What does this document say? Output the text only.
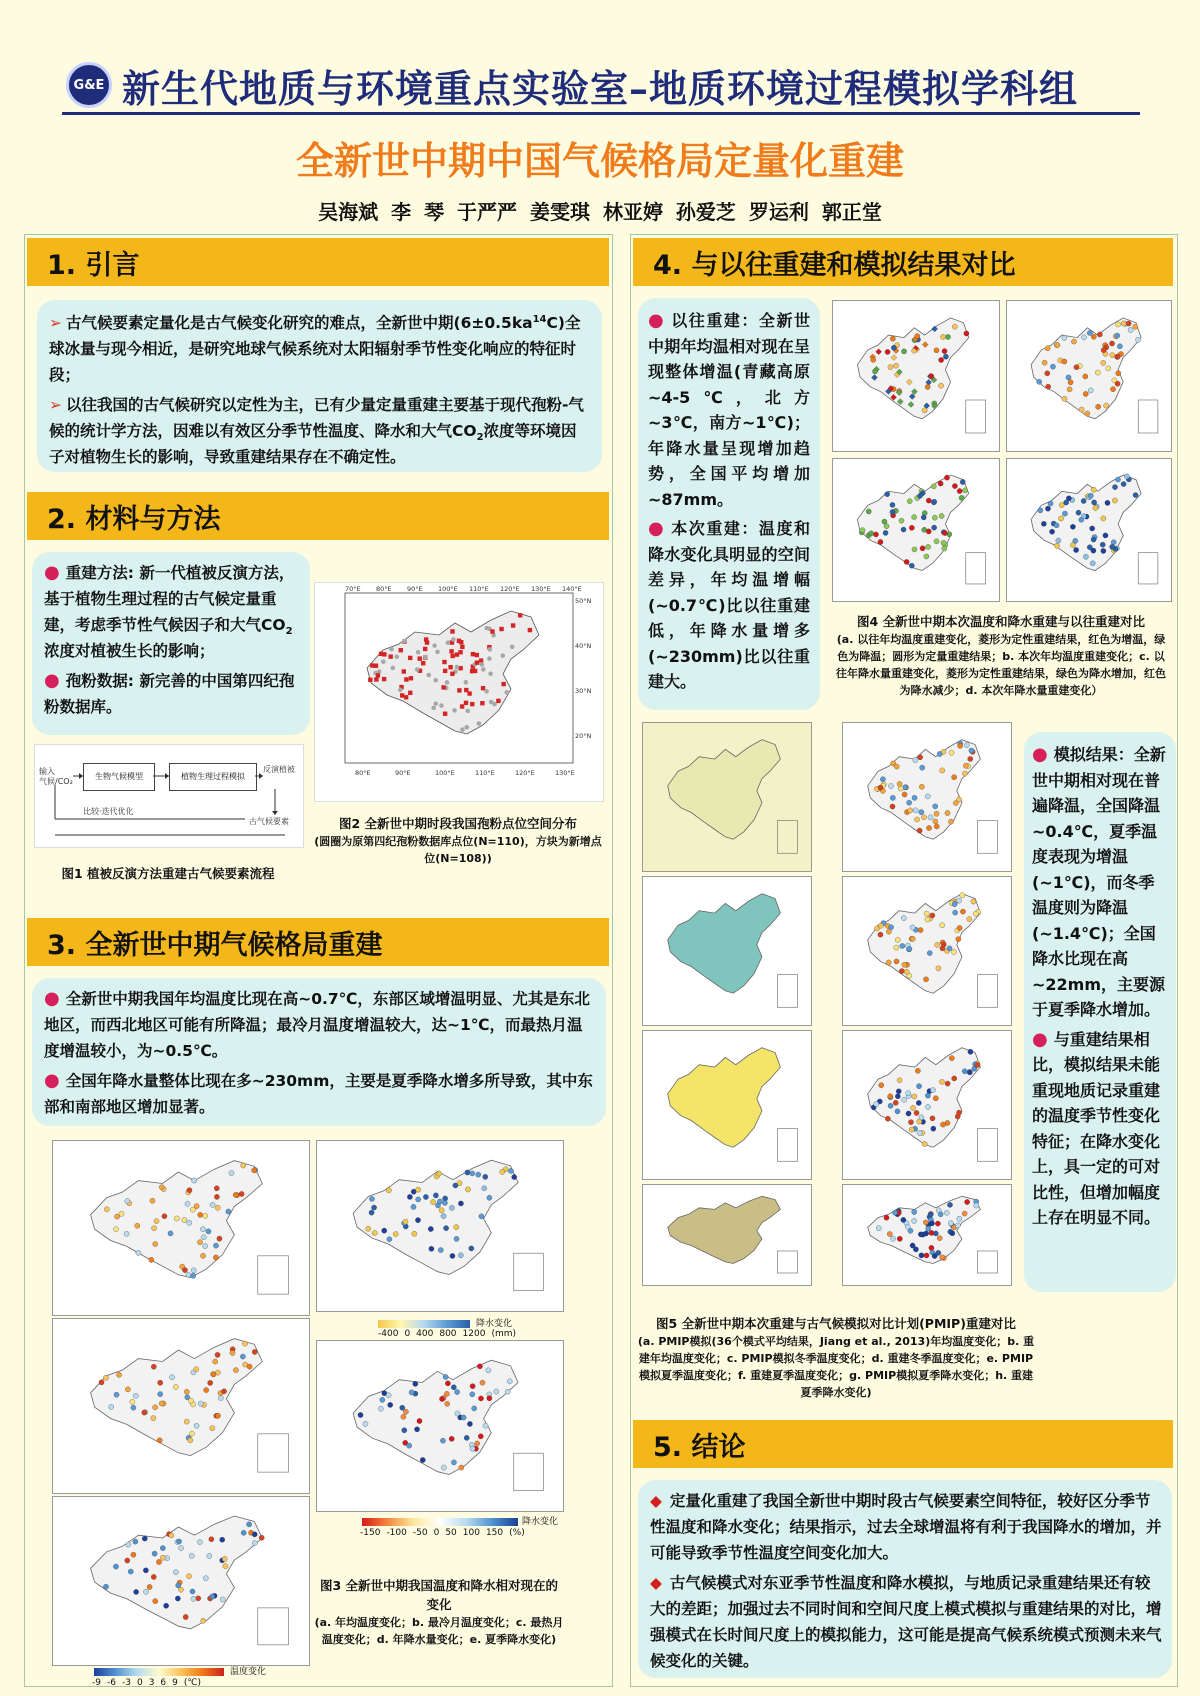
G&E 新生代地质与环境重点实验室–地质环境过程模拟学科组
全新世中期中国气候格局定量化重建
吴海斌 李 琴 于严严 姜雯琪 林亚婷 孙爱芝 罗运利 郭正堂
1. 引言

➢ 古气候要素定量化是古气候变化研究的难点，全新世中期$(6\pm 0.5ka^{14}C)$全球冰量与现今相近，是研究地球气候系统对太阳辐射季节性变化响应的特征时段；

➢ 以往我国的古气候研究以定性为主，已有少量定量重建主要基于现代孢粉-气候的统计学方法，因难以有效区分季节性温度、降水和大气$CO_2$浓度等环境因子对植物生长的影响，导致重建结果存在不确定性。

2. 材料与方法

● 重建方法: 新一代植被反演方法，基于植物生理过程的古气候定量重建，考虑季节性气候因子和大气$CO_2$浓度对植被生长的影响；

● 孢粉数据: 新完善的中国第四纪孢粉数据库。

输入
气候/CO₂
生物气候模型	植物生理过程模拟
反演植被
古气候要素
比较·迭代优化
图1 植被反演方法重建古气候要素流程
70°E 80°E 90°E 100°E 110°E 120°E 130°E 140°E
50°N
40°N
30°N
20°N
80°E	90°E	100°E	110°E	120°E	130°E
图2 全新世中期时段我国孢粉点位空间分布
(圆圈为原第四纪孢粉数据库点位(N=110)，方块为新增点位(N=108))
3. 全新世中期气候格局重建

● 全新世中期我国年均温度比现在高~0.7℃，东部区域增温明显、尤其是东北地区，而西北地区可能有所降温；最冷月温度增温较大，达~1℃，而最热月温度增温较小，为~0.5℃。

● 全国年降水量整体比现在多~230mm，主要是夏季降水增多所导致，其中东部和南部地区增加显著。

降水变化
-400 0 400 800 1200 (mm)
降水变化
-150 -100 -50 0 50 100 150 (%)
温度变化
-9 -6 -3 0 3 6 9 (℃)
图3 全新世中期我国温度和降水相对现在的变化
(a. 年均温度变化；b. 最冷月温度变化；c. 最热月温度变化；d. 年降水量变化；e. 夏季降水变化)
4. 与以往重建和模拟结果对比

● 以往重建：全新世中期年均温相对现在呈现整体增温(青藏高原~4-5℃，北方~3℃，南方~1℃)；年降水量呈现增加趋势，全国平均增加~87mm。

● 本次重建：温度和降水变化具明显的空间差异，年均温增幅(~0.7℃)比以往重建低，年降水量增多(~230mm)比以往重建大。

图4 全新世中期本次温度和降水重建与以往重建对比
(a. 以往年均温度重建变化，菱形为定性重建结果，红色为增温，绿色为降温；圆形为定量重建结果；b. 本次年均温度重建变化；c. 以往年降水量重建变化，菱形为定性重建结果，绿色为降水增加，红色为降水减少；d. 本次年降水量重建变化）

● 模拟结果：全新世中期相对现在普遍降温，全国降温~0.4℃，夏季温度表现为增温(~1℃)，而冬季温度则为降温(~1.4℃)；全国降水比现在高~22mm，主要源于夏季降水增加。

● 与重建结果相比，模拟结果未能重现地质记录重建的温度季节性变化特征；在降水变化上，具一定的可对比性，但增加幅度上存在明显不同。

图5 全新世中期本次重建与古气候模拟对比计划(PMIP)重建对比
(a. PMIP模拟(36个模式平均结果，Jiang et al., 2013)年均温度变化；b. 重建年均温度变化；c. PMIP模拟冬季温度变化；d. 重建冬季温度变化；e. PMIP模拟夏季温度变化；f. 重建夏季温度变化；g. PMIP模拟夏季降水变化；h. 重建夏季降水变化)
5. 结论

◆ 定量化重建了我国全新世中期时段古气候要素空间特征，较好区分季节性温度和降水变化；结果指示，过去全球增温将有利于我国降水的增加，并可能导致季节性温度空间变化加大。

◆ 古气候模式对东亚季节性温度和降水模拟，与地质记录重建结果还有较大的差距；加强过去不同时间和空间尺度上模式模拟与重建结果的对比，增强模式在长时间尺度上的模拟能力，这可能是提高气候系统模式预测未来气候变化的关键。
